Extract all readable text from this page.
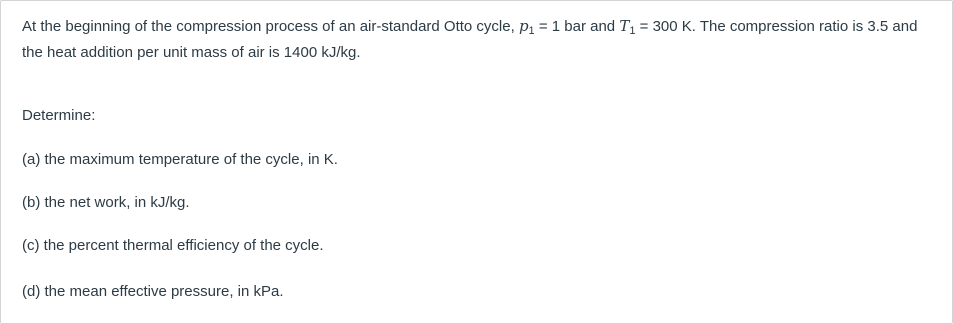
At the beginning of the compression process of an air-standard Otto cycle, $p_1 = 1$ bar and $T_1 = 300$ K. The compression ratio is 3.5 and the heat addition per unit mass of air is 1400 kJ/kg.

Determine:

(a) the maximum temperature of the cycle, in K.

(b) the net work, in kJ/kg.

(c) the percent thermal efficiency of the cycle.

(d) the mean effective pressure, in kPa.
